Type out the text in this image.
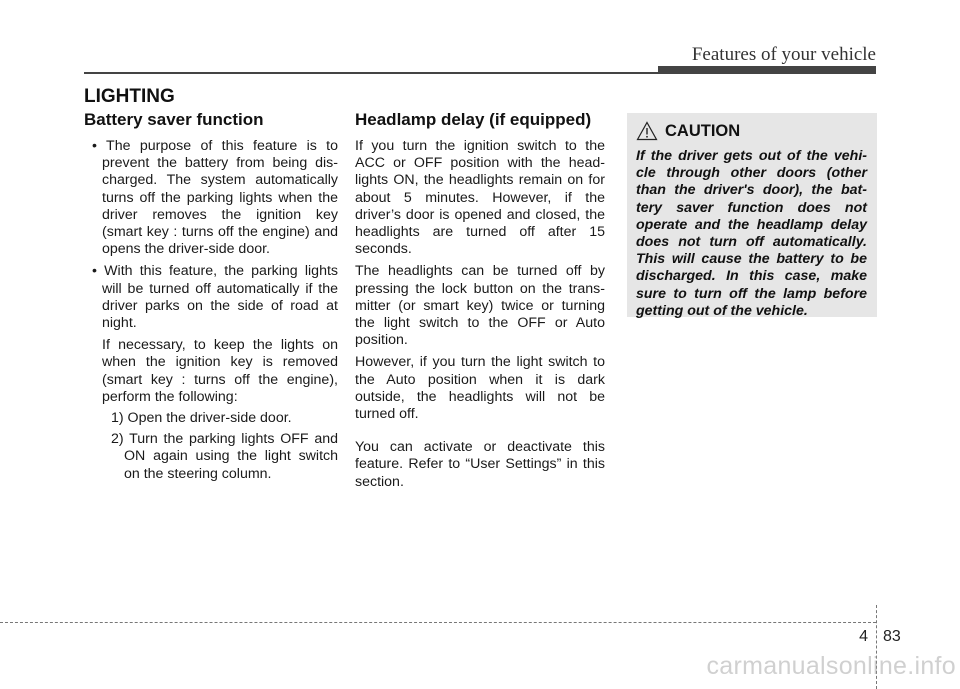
Features of your vehicle
LIGHTING
Battery saver function

• The purpose of this feature is to prevent the battery from being dis-charged. The system automatically turns off the parking lights when the driver removes the ignition key (smart key : turns off the engine) and opens the driver-side door.

• With this feature, the parking lights will be turned off automatically if the driver parks on the side of road at night.

If necessary, to keep the lights on when the ignition key is removed (smart key : turns off the engine), perform the following:

1) Open the driver-side door.

2) Turn the parking lights OFF and ON again using the light switch on the steering column.

Headlamp delay (if equipped)

If you turn the ignition switch to the ACC or OFF position with the head-lights ON, the headlights remain on for about 5 minutes. However, if the driver’s door is opened and closed, the headlights are turned off after 15 seconds.

The headlights can be turned off by pressing the lock button on the trans-mitter (or smart key) twice or turning the light switch to the OFF or Auto position.

However, if you turn the light switch to the Auto position when it is dark outside, the headlights will not be turned off.

You can activate or deactivate this feature. Refer to “User Settings” in this section.

CAUTION

If the driver gets out of the vehi-cle through other doors (other than the driver's door), the bat-tery saver function does not operate and the headlamp delay does not turn off automatically. This will cause the battery to be discharged. In this case, make sure to turn off the lamp before getting out of the vehicle.

4 83
carmanualsonline.info
